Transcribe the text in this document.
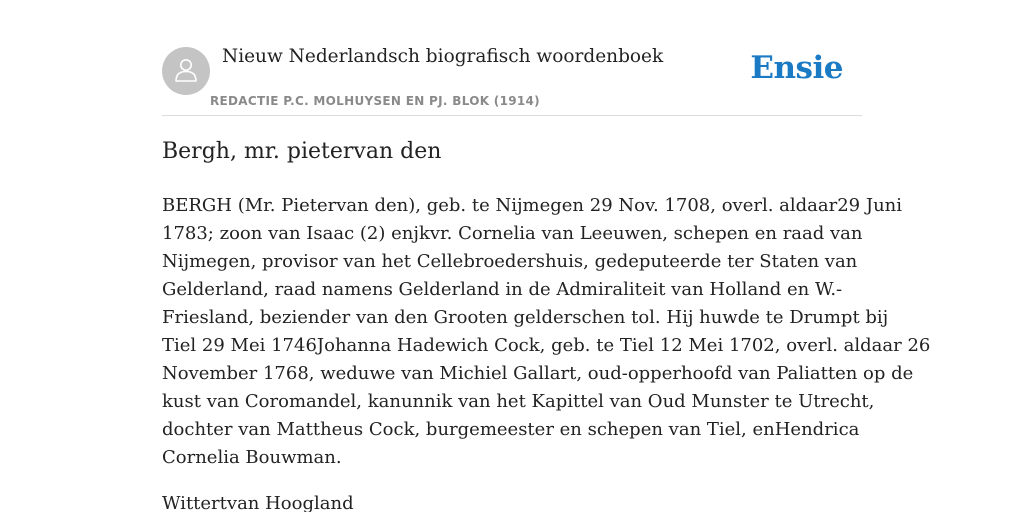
Nieuw Nederlandsch biografisch woordenboek
REDACTIE P.C. MOLHUYSEN EN PJ. BLOK (1914)
Ensie
Bergh, mr. pietervan den
BERGH (Mr. Pietervan den), geb. te Nijmegen 29 Nov. 1708, overl. aldaar29 Juni
1783; zoon van Isaac (2) enjkvr. Cornelia van Leeuwen, schepen en raad van
Nijmegen, provisor van het Cellebroedershuis, gedeputeerde ter Staten van
Gelderland, raad namens Gelderland in de Admiraliteit van Holland en W.-
Friesland, beziender van den Grooten gelderschen tol. Hij huwde te Drumpt bij
Tiel 29 Mei 1746Johanna Hadewich Cock, geb. te Tiel 12 Mei 1702, overl. aldaar 26
November 1768, weduwe van Michiel Gallart, oud-opperhoofd van Paliatten op de
kust van Coromandel, kanunnik van het Kapittel van Oud Munster te Utrecht,
dochter van Mattheus Cock, burgemeester en schepen van Tiel, enHendrica
Cornelia Bouwman.
Wittertvan Hoogland
